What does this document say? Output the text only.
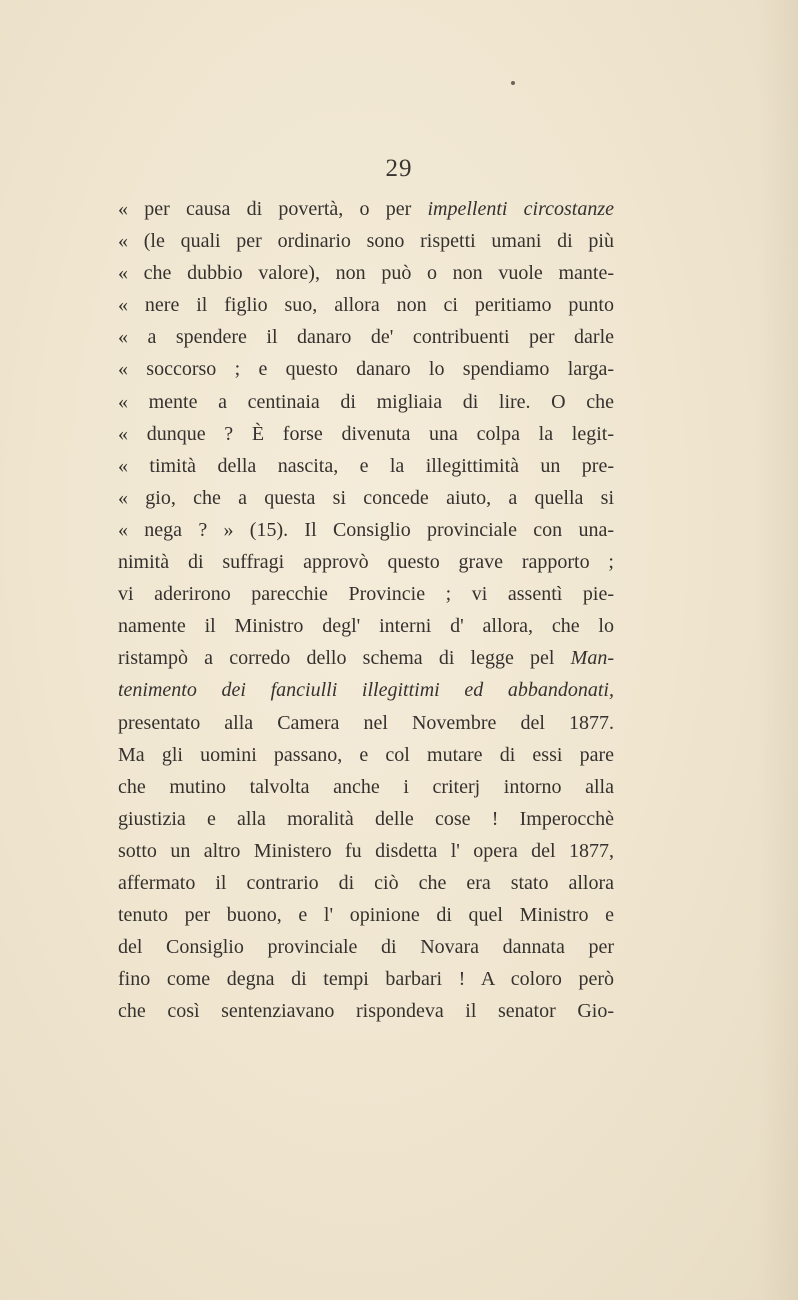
29
« per causa di povertà, o per impellenti circostanze
« (le quali per ordinario sono rispetti umani di più
« che dubbio valore), non può o non vuole mante-
« nere il figlio suo, allora non ci peritiamo punto
« a spendere il danaro de' contribuenti per darle
« soccorso ; e questo danaro lo spendiamo larga-
« mente a centinaia di migliaia di lire. O che
« dunque ? È forse divenuta una colpa la legit-
« timità della nascita, e la illegittimità un pre-
« gio, che a questa si concede aiuto, a quella si
« nega ? » (15). Il Consiglio provinciale con una-
nimità di suffragi approvò questo grave rapporto ;
vi aderirono parecchie Provincie ; vi assentì pie-
namente il Ministro degl' interni d' allora, che lo
ristampò a corredo dello schema di legge pel Man-
tenimento dei fanciulli illegittimi ed abbandonati,
presentato alla Camera nel Novembre del 1877.
Ma gli uomini passano, e col mutare di essi pare
che mutino talvolta anche i criterj intorno alla
giustizia e alla moralità delle cose ! Imperocchè
sotto un altro Ministero fu disdetta l' opera del 1877,
affermato il contrario di ciò che era stato allora
tenuto per buono, e l' opinione di quel Ministro e
del Consiglio provinciale di Novara dannata per
fino come degna di tempi barbari ! A coloro però
che così sentenziavano rispondeva il senator Gio-
